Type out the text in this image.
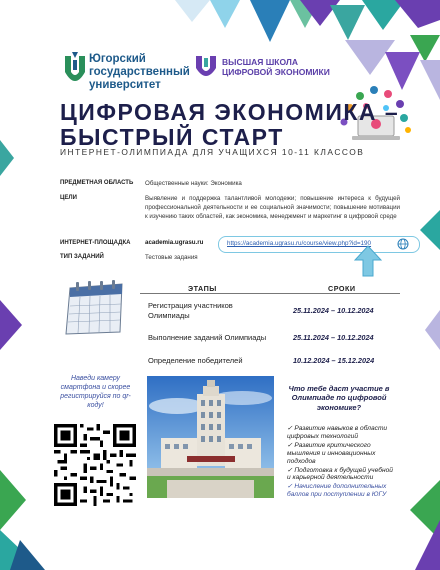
Югорский
государственный
университет
ВЫСШАЯ ШКОЛА
ЦИФРОВОЙ ЭКОНОМИКИ
ЦИФРОВАЯ ЭКОНОМИКА –
БЫСТРЫЙ СТАРТ
ИНТЕРНЕТ-ОЛИМПИАДА ДЛЯ УЧАЩИХСЯ 10-11 КЛАССОВ
ПРЕДМЕТНАЯ ОБЛАСТЬ Общественные науки: Экономика
ЦЕЛИ	Выявление и поддержка талантливой молодежи; повышение интереса к будущей профессиональной деятельности и ее социальной значимости; повышение мотивации к изучению таких областей, как экономика, менеджмент и маркетинг в цифровой среде
ИНТЕРНЕТ-ПЛОЩАДКА academia.ugrasu.ru
ТИП ЗАДАНИЙ	Тестовые задания
https://academia.ugrasu.ru/course/view.php?id=190
ЭТАПЫ	СРОКИ
Регистрация участников
Олимпиады
25.11.2024 – 10.12.2024
Выполнение заданий Олимпиады	25.11.2024 – 10.12.2024
Определение победителей	10.12.2024 – 15.12.2024
Наведи камеру смартфона и скорее регистрируйся по qr-коду!
Что тебе даст участие в Олимпиаде по цифровой экономике?
✓ Развитие навыков в области цифровых технологий
✓ Развитие критического мышления и инновационных подходов
✓ Подготовка к будущей учебной и карьерной деятельности
✓ Начисление дополнительных баллов при поступлении в ЮГУ
